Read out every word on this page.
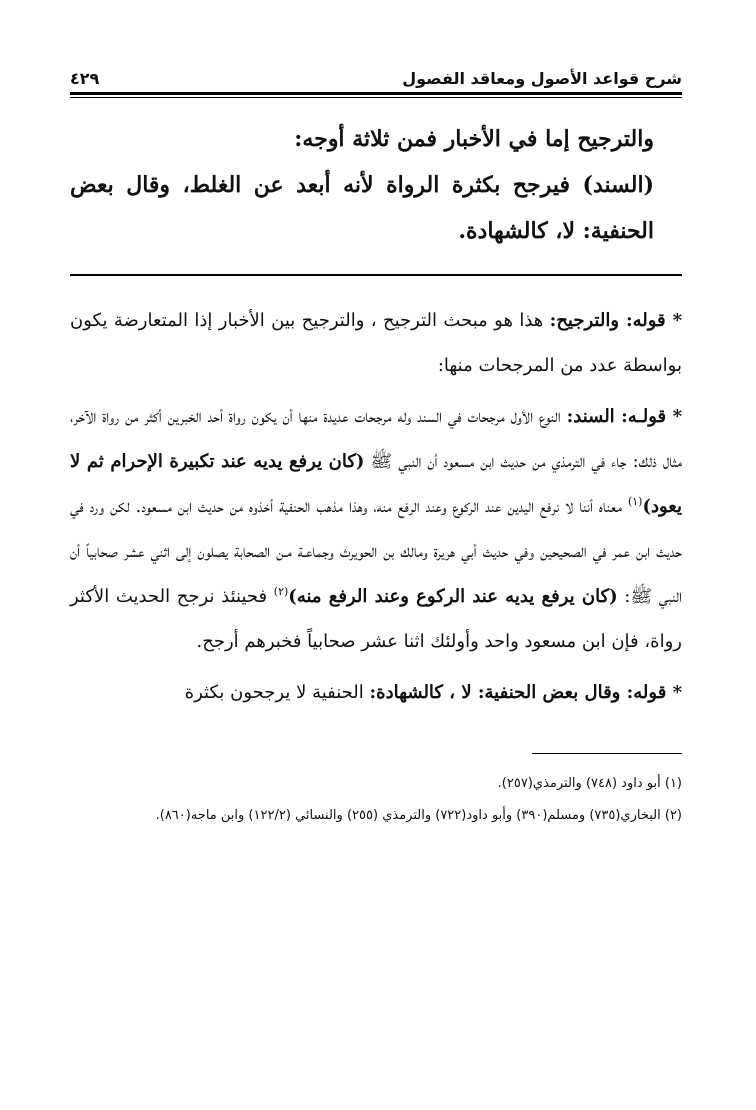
شرح قواعد الأصول ومعاقد الفصول
٤٢٩

والترجيح إما في الأخبار فمن ثلاثة أوجه:

(السند) فيرجح بكثرة الرواة لأنه أبعد عن الغلط، وقال بعض الحنفية: لا، كالشهادة.

* قوله: والترجيح: هذا هو مبحث الترجيح ، والترجيح بين الأخبار إذا المتعارضة يكون بواسطة عدد من المرجحات منها:

* قولـه: السند: النوع الأول مرجحات في السند وله مرجحات عديدة منها أن يكون رواة أحد الخبرين أكثر من رواة الآخر، مثال ذلك: جاء في الترمذي من حديث ابن مسعود أن النبي ﷺ (كان يرفع يديه عند تكبيرة الإحرام ثم لا يعود)$^{(١)}$ معناه أننا لا نرفع اليدين عند الركوع وعند الرفع منه، وهذا مذهب الحنفية أخذوه من حديث ابن مسعود. لكن ورد في حديث ابن عمر في الصحيحين وفي حديث أبي هريرة ومالك بن الحويرث وجماعـة مـن الصحابة يصلون إلى اثني عشر صحابياً أن النبي ﷺ: (كان يرفع يديه عند الركوع وعند الرفع منه)$^{(٢)}$ فحينئذ نرجح الحديث الأكثر رواة، فإن ابن مسعود واحد وأولئك اثنا عشر صحابياً فخبرهم أرجح.

* قوله: وقال بعض الحنفية: لا ، كالشهادة: الحنفية لا يرجحون بكثرة

(١) أبو داود (٧٤٨) والترمذي(٢٥٧).

(٢) البخاري(٧٣٥) ومسلم(٣٩٠) وأبو داود(٧٢٢) والترمذي (٢٥٥) والنسائي (١٢٢/٢) وابن ماجه(٨٦٠).
